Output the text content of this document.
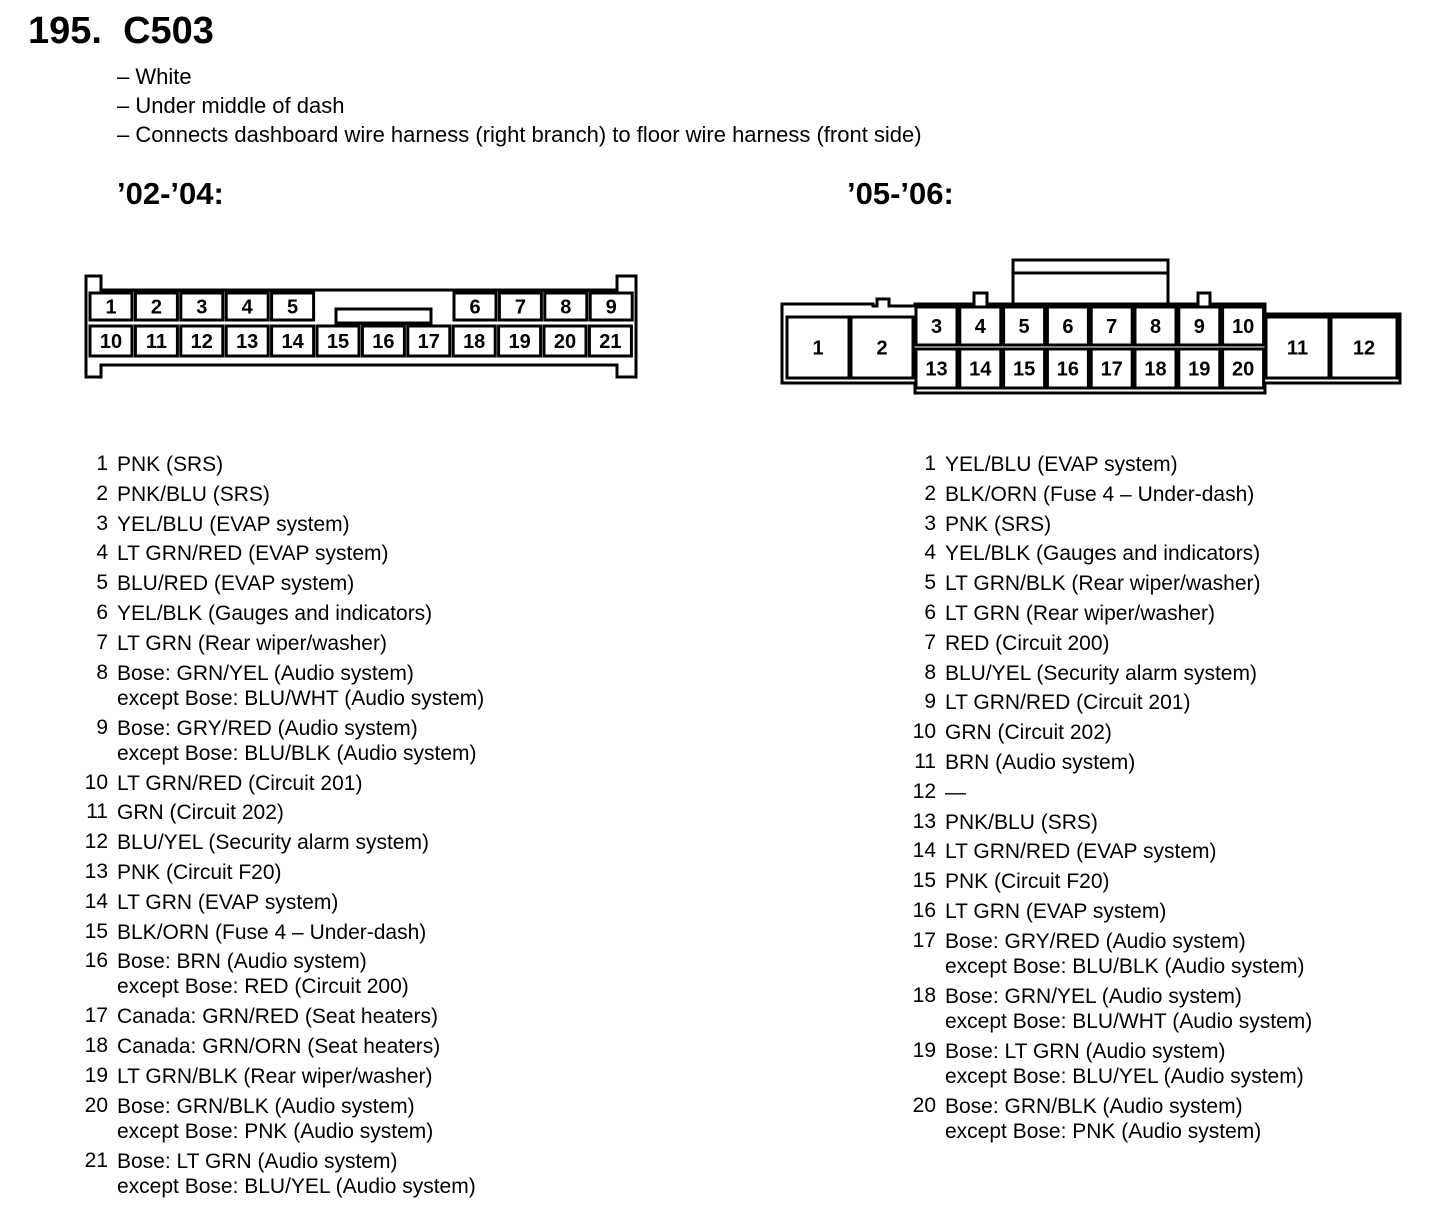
195. C503
– White
– Under middle of dash
– Connects dashboard wire harness (right branch) to floor wire harness (front side)
’02-’04:	’05-’06:
1 2 3 4 5	6 7 8 9
10 11 12 13 14 15 16 17 18 19 20 21	1	2
3 4 5 6 7 8 9 10
13 14 15 16 17 18 19 20
11 12
1 PNK (SRS)
2 PNK/BLU (SRS)
3 YEL/BLU (EVAP system)
4 LT GRN/RED (EVAP system)
5 BLU/RED (EVAP system)
6 YEL/BLK (Gauges and indicators)
7 LT GRN (Rear wiper/washer)
8 Bose: GRN/YEL (Audio system)
except Bose: BLU/WHT (Audio system)
9 Bose: GRY/RED (Audio system)
except Bose: BLU/BLK (Audio system)
10 LT GRN/RED (Circuit 201)
11 GRN (Circuit 202)
12 BLU/YEL (Security alarm system)
13 PNK (Circuit F20)
14 LT GRN (EVAP system)
15 BLK/ORN (Fuse 4 – Under-dash)
16 Bose: BRN (Audio system)
except Bose: RED (Circuit 200)
17 Canada: GRN/RED (Seat heaters)
18 Canada: GRN/ORN (Seat heaters)
19 LT GRN/BLK (Rear wiper/washer)
20 Bose: GRN/BLK (Audio system)
except Bose: PNK (Audio system)
21 Bose: LT GRN (Audio system)
except Bose: BLU/YEL (Audio system)
1 YEL/BLU (EVAP system)
2 BLK/ORN (Fuse 4 – Under-dash)
3 PNK (SRS)
4 YEL/BLK (Gauges and indicators)
5 LT GRN/BLK (Rear wiper/washer)
6 LT GRN (Rear wiper/washer)
7 RED (Circuit 200)
8 BLU/YEL (Security alarm system)
9 LT GRN/RED (Circuit 201)
10 GRN (Circuit 202)
11 BRN (Audio system)
12 —
13 PNK/BLU (SRS)
14 LT GRN/RED (EVAP system)
15 PNK (Circuit F20)
16 LT GRN (EVAP system)
17 Bose: GRY/RED (Audio system)
except Bose: BLU/BLK (Audio system)
18 Bose: GRN/YEL (Audio system)
except Bose: BLU/WHT (Audio system)
19 Bose: LT GRN (Audio system)
except Bose: BLU/YEL (Audio system)
20 Bose: GRN/BLK (Audio system)
except Bose: PNK (Audio system)
